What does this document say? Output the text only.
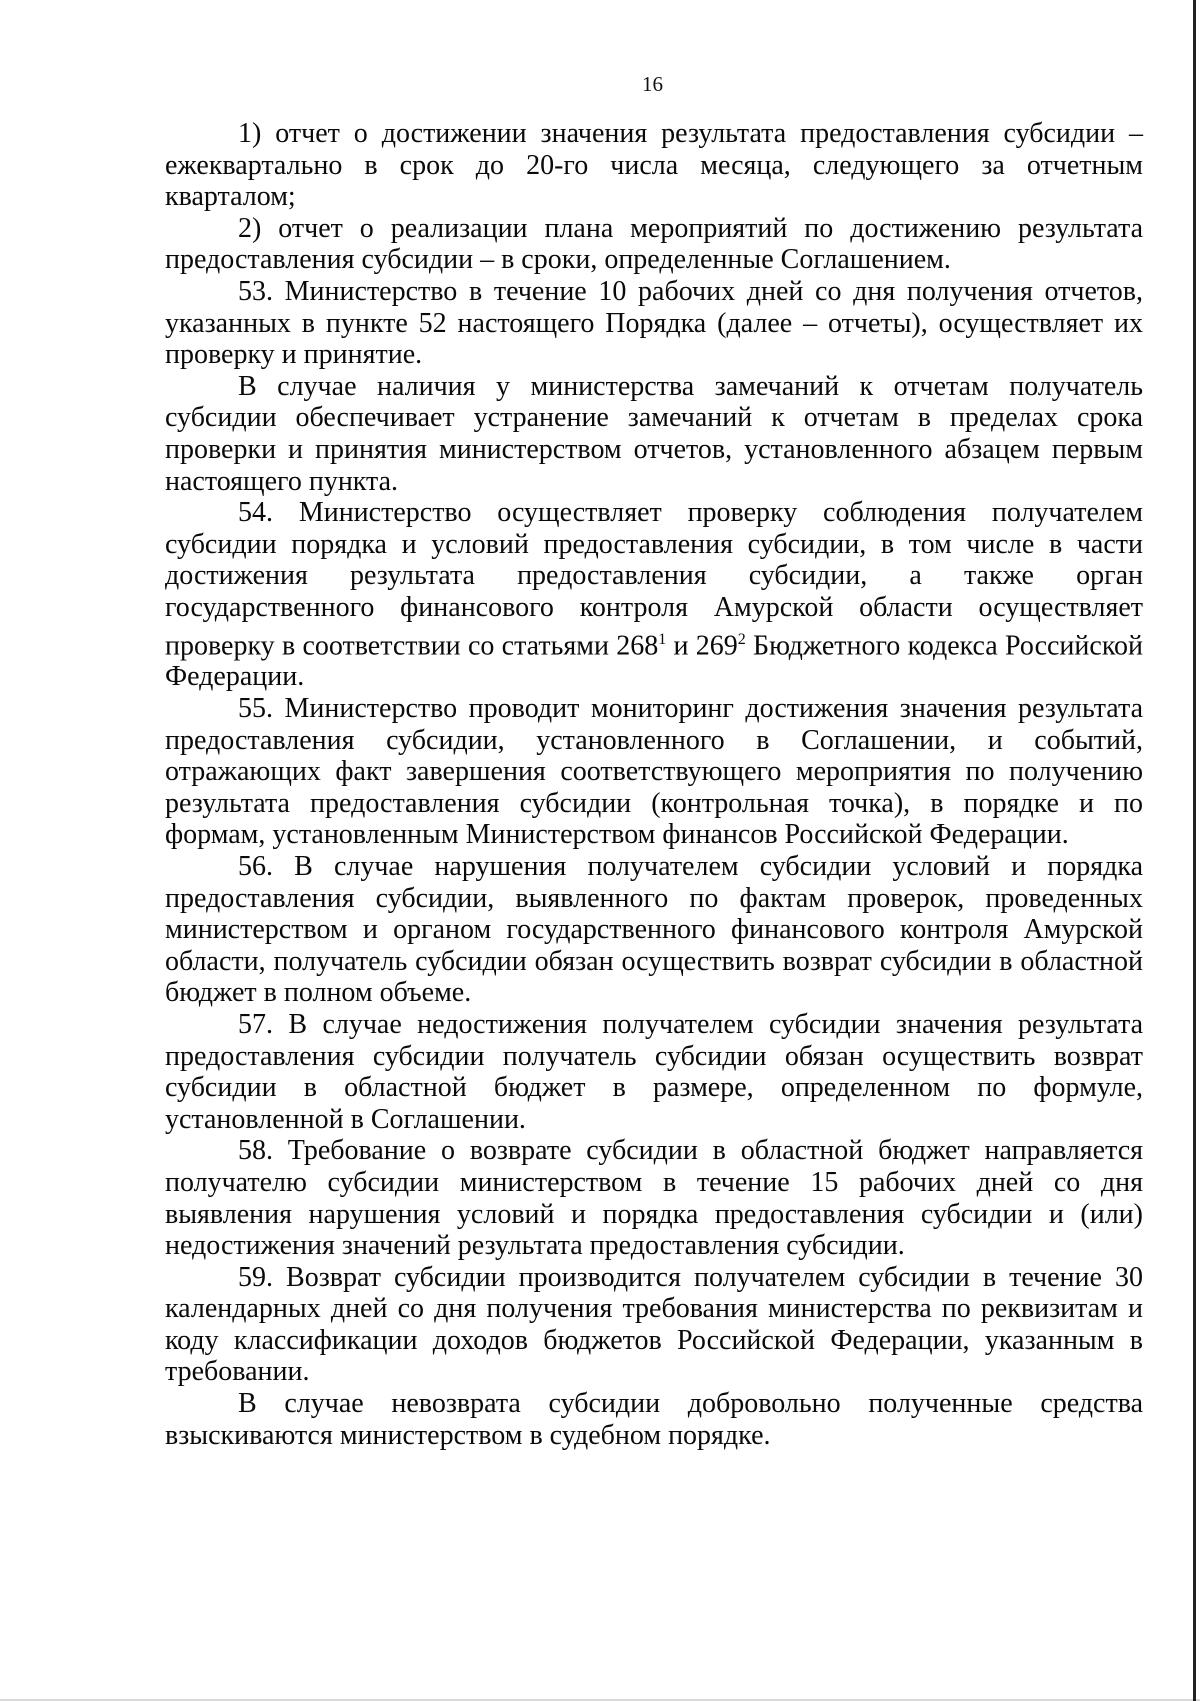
16

1) отчет о достижении значения результата предоставления субсидии – ежеквартально в срок до 20-го числа месяца, следующего за отчетным кварталом;

2) отчет о реализации плана мероприятий по достижению результата предоставления субсидии – в сроки, определенные Соглашением.

53. Министерство в течение 10 рабочих дней со дня получения отчетов, указанных в пункте 52 настоящего Порядка (далее – отчеты), осуществляет их проверку и принятие.

В случае наличия у министерства замечаний к отчетам получатель субсидии обеспечивает устранение замечаний к отчетам в пределах срока проверки и принятия министерством отчетов, установленного абзацем первым настоящего пункта.

54. Министерство осуществляет проверку соблюдения получателем субсидии порядка и условий предоставления субсидии, в том числе в части достижения результата предоставления субсидии, а также орган государственного финансового контроля Амурской области осуществляет проверку в соответствии со статьями $268^1$ и $269^2$ Бюджетного кодекса Российской Федерации.

55. Министерство проводит мониторинг достижения значения результата предоставления субсидии, установленного в Соглашении, и событий, отражающих факт завершения соответствующего мероприятия по получению результата предоставления субсидии (контрольная точка), в порядке и по формам, установленным Министерством финансов Российской Федерации.

56. В случае нарушения получателем субсидии условий и порядка предоставления субсидии, выявленного по фактам проверок, проведенных министерством и органом государственного финансового контроля Амурской области, получатель субсидии обязан осуществить возврат субсидии в областной бюджет в полном объеме.

57. В случае недостижения получателем субсидии значения результата предоставления субсидии получатель субсидии обязан осуществить возврат субсидии в областной бюджет в размере, определенном по формуле, установленной в Соглашении.

58. Требование о возврате субсидии в областной бюджет направляется получателю субсидии министерством в течение 15 рабочих дней со дня выявления нарушения условий и порядка предоставления субсидии и (или) недостижения значений результата предоставления субсидии.

59. Возврат субсидии производится получателем субсидии в течение 30 календарных дней со дня получения требования министерства по реквизитам и коду классификации доходов бюджетов Российской Федерации, указанным в требовании.

В случае невозврата субсидии добровольно полученные средства взыскиваются министерством в судебном порядке.
